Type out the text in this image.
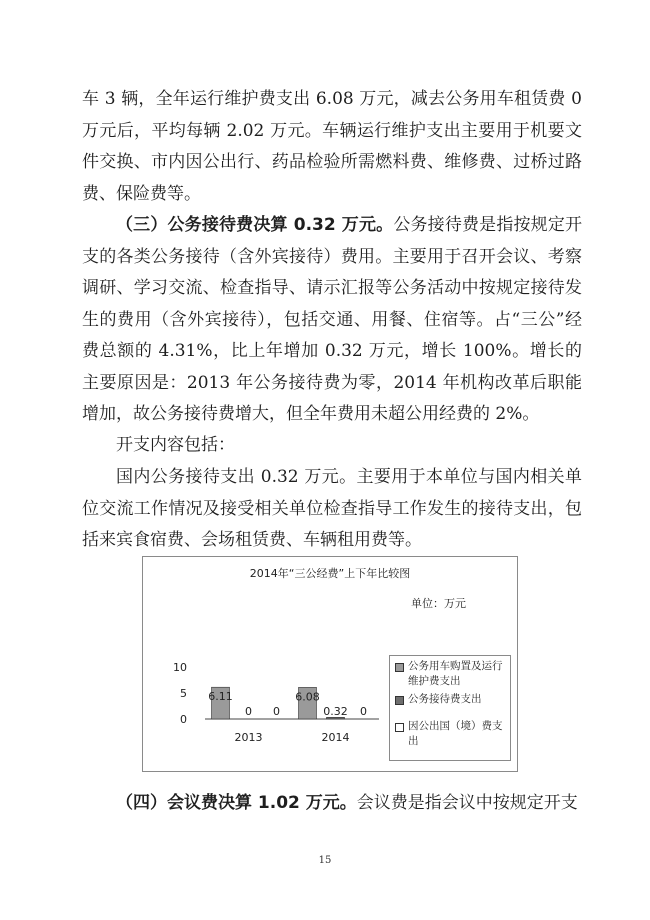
车 3 辆，全年运行维护费支出 6.08 万元，减去公务用车租赁费 0 万元后，平均每辆 2.02 万元。车辆运行维护支出主要用于机要文件交换、市内因公出行、药品检验所需燃料费、维修费、过桥过路费、保险费等。

（三）公务接待费决算 0.32 万元。公务接待费是指按规定开支的各类公务接待（含外宾接待）费用。主要用于召开会议、考察调研、学习交流、检查指导、请示汇报等公务活动中按规定接待发生的费用（含外宾接待），包括交通、用餐、住宿等。占“三公”经费总额的 4.31%，比上年增加 0.32 万元，增长 100%。增长的主要原因是：2013 年公务接待费为零，2014 年机构改革后职能增加，故公务接待费增大，但全年费用未超公用经费的 2%。

开支内容包括：

国内公务接待支出 0.32 万元。主要用于本单位与国内相关单位交流工作情况及接受相关单位检查指导工作发生的接待支出，包括来宾食宿费、会场租赁费、车辆租用费等。

2014年“三公经费”上下年比较图
单位：万元
10
5
0
6.11
0 0
2013
6.08
0.32 0
2014
公务用车购置及运行维护费支出
公务接待费支出
因公出国（境）费支出

（四）会议费决算 1.02 万元。会议费是指会议中按规定开支

15
